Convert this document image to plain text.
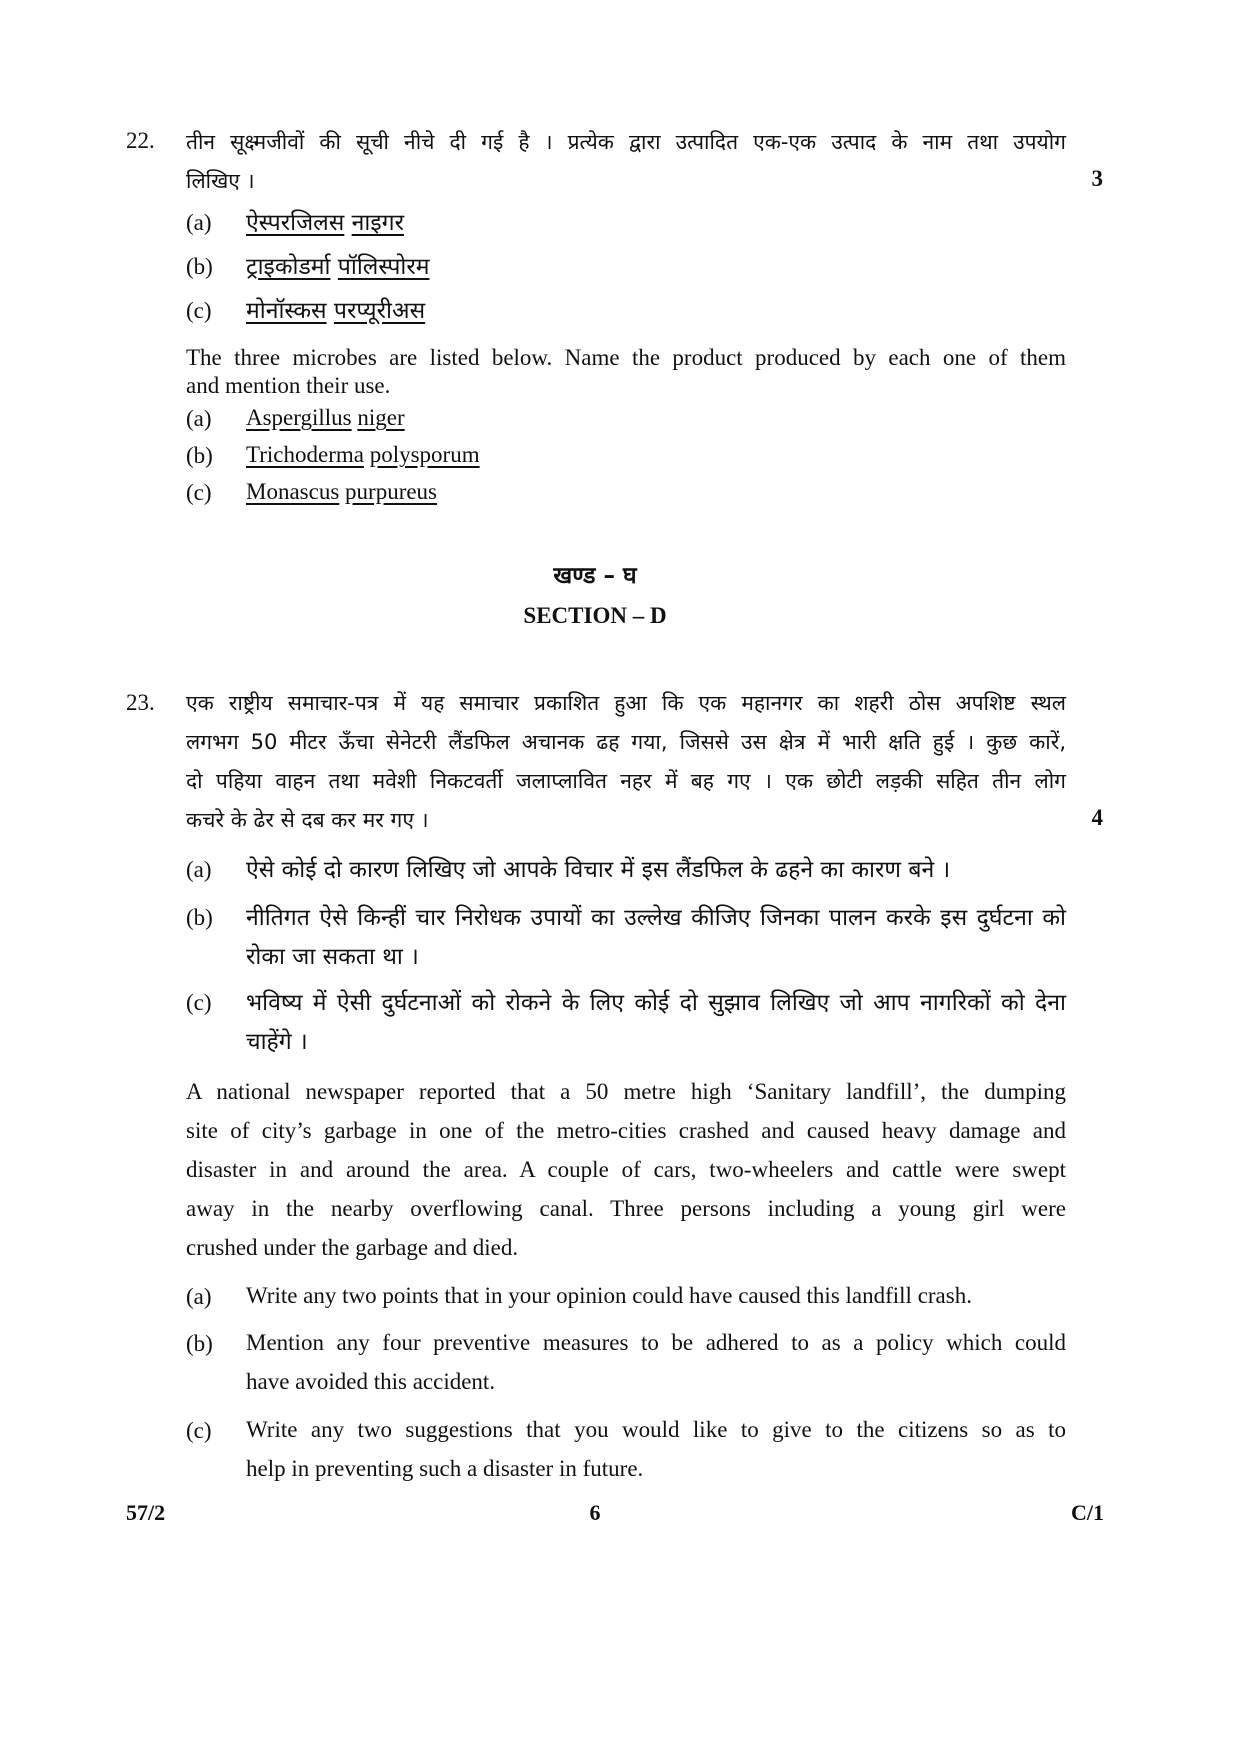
22. तीन सूक्ष्मजीवों की सूची नीचे दी गई है । प्रत्येक द्वारा उत्पादित एक-एक उत्पाद के नाम तथा उपयोग
लिखिए ।	3
(a) ऐस्परजिलस नाइगर
(b) ट्राइकोडर्मा पॉलिस्पोरम
(c) मोनॉस्कस परप्यूरीअस
The three microbes are listed below. Name the product produced by each one of them
and mention their use.
(a) Aspergillus niger
(b) Trichoderma polysporum
(c) Monascus purpureus
खण्ड – घ
SECTION – D
23. एक राष्ट्रीय समाचार-पत्र में यह समाचार प्रकाशित हुआ कि एक महानगर का शहरी ठोस अपशिष्ट स्थल
लगभग 50 मीटर ऊँचा सेनेटरी लैंडफिल अचानक ढह गया, जिससे उस क्षेत्र में भारी क्षति हुई । कुछ कारें,
दो पहिया वाहन तथा मवेशी निकटवर्ती जलाप्लावित नहर में बह गए । एक छोटी लड़की सहित तीन लोग
कचरे के ढेर से दब कर मर गए ।	4
(a) ऐसे कोई दो कारण लिखिए जो आपके विचार में इस लैंडफिल के ढहने का कारण बने ।
(b) नीतिगत ऐसे किन्हीं चार निरोधक उपायों का उल्लेख कीजिए जिनका पालन करके इस दुर्घटना को
रोका जा सकता था ।
(c) भविष्य में ऐसी दुर्घटनाओं को रोकने के लिए कोई दो सुझाव लिखिए जो आप नागरिकों को देना
चाहेंगे ।
A national newspaper reported that a 50 metre high ‘Sanitary landfill’, the dumping
site of city’s garbage in one of the metro-cities crashed and caused heavy damage and
disaster in and around the area. A couple of cars, two-wheelers and cattle were swept
away in the nearby overflowing canal. Three persons including a young girl were
crushed under the garbage and died.
(a) Write any two points that in your opinion could have caused this landfill crash.
(b) Mention any four preventive measures to be adhered to as a policy which could
have avoided this accident.
(c) Write any two suggestions that you would like to give to the citizens so as to
help in preventing such a disaster in future.
57/2	6	C/1
